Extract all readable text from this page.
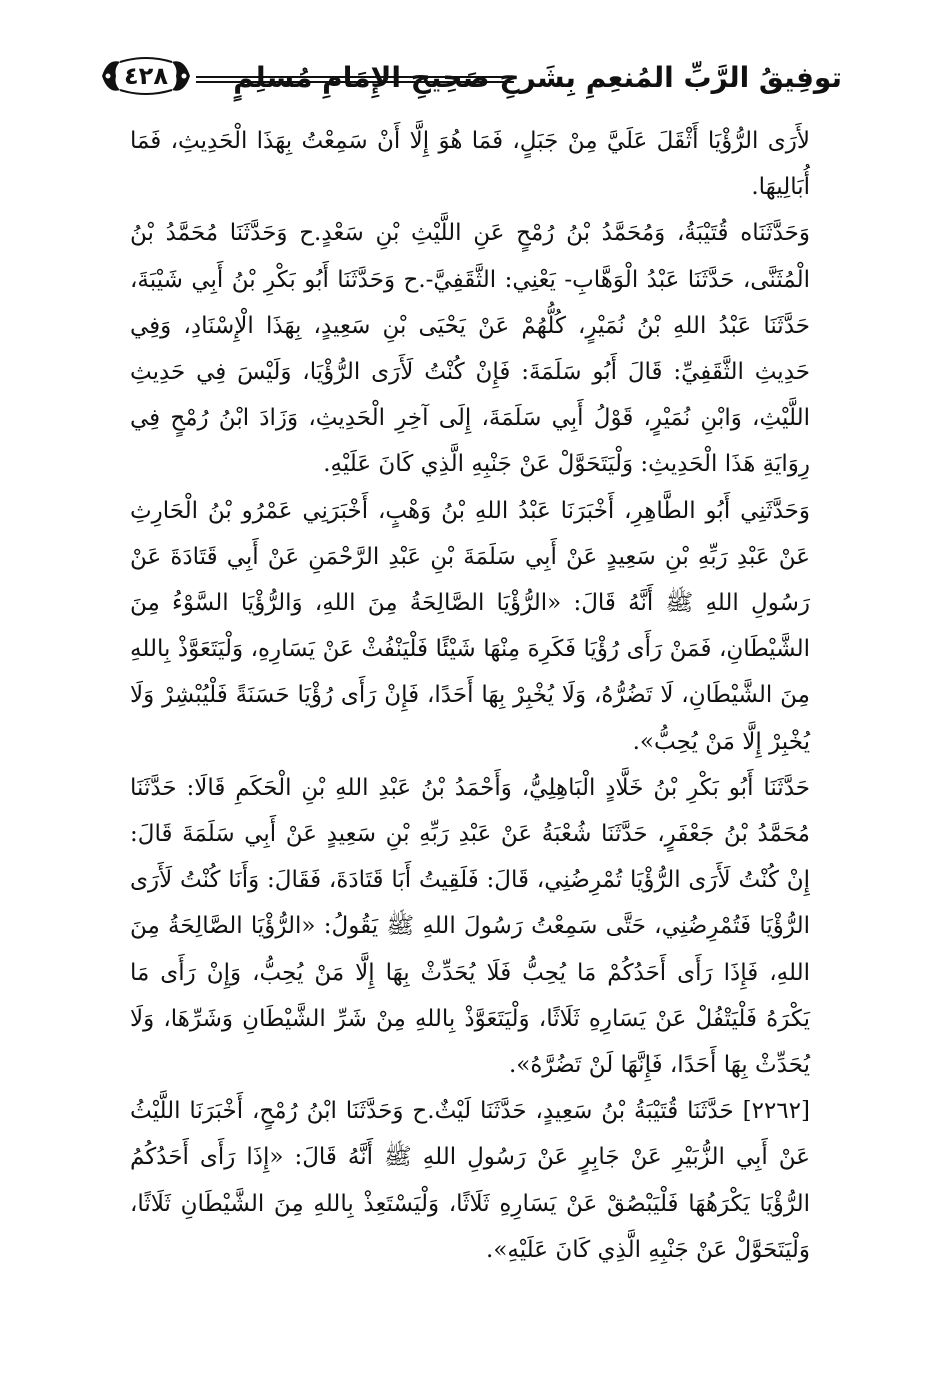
٤٢٨ توفِيقُ الرَّبِّ المُنعِمِ بِشَرحِ صَحِيحِ الإِمَامِ مُسلِمٍ

لأَرَى الرُّؤْيَا أَثْقَلَ عَلَيَّ مِنْ جَبَلٍ، فَمَا هُوَ إِلَّا أَنْ سَمِعْتُ بِهَذَا الْحَدِيثِ، فَمَا أُبَالِيهَا.

وَحَدَّثَنَاه قُتَيْبَةُ، وَمُحَمَّدُ بْنُ رُمْحٍ عَنِ اللَّيْثِ بْنِ سَعْدٍ.ح وَحَدَّثَنَا مُحَمَّدُ بْنُ الْمُثَنَّى، حَدَّثَنَا عَبْدُ الْوَهَّابِ- يَعْنِي: الثَّقَفِيَّ-.ح وَحَدَّثَنَا أَبُو بَكْرِ بْنُ أَبِي شَيْبَةَ، حَدَّثَنَا عَبْدُ اللهِ بْنُ نُمَيْرٍ، كُلُّهُمْ عَنْ يَحْيَى بْنِ سَعِيدٍ، بِهَذَا الْإِسْنَادِ، وَفِي حَدِيثِ الثَّقَفِيِّ: قَالَ أَبُو سَلَمَةَ: فَإِنْ كُنْتُ لَأَرَى الرُّؤْيَا، وَلَيْسَ فِي حَدِيثِ اللَّيْثِ، وَابْنِ نُمَيْرٍ، قَوْلُ أَبِي سَلَمَةَ، إِلَى آخِرِ الْحَدِيثِ، وَزَادَ ابْنُ رُمْحٍ فِي رِوَايَةِ هَذَا الْحَدِيثِ: وَلْيَتَحَوَّلْ عَنْ جَنْبِهِ الَّذِي كَانَ عَلَيْهِ.

وَحَدَّثَنِي أَبُو الطَّاهِرِ، أَخْبَرَنَا عَبْدُ اللهِ بْنُ وَهْبٍ، أَخْبَرَنِي عَمْرُو بْنُ الْحَارِثِ عَنْ عَبْدِ رَبِّهِ بْنِ سَعِيدٍ عَنْ أَبِي سَلَمَةَ بْنِ عَبْدِ الرَّحْمَنِ عَنْ أَبِي قَتَادَةَ عَنْ رَسُولِ اللهِ ﷺ أَنَّهُ قَالَ: «الرُّؤْيَا الصَّالِحَةُ مِنَ اللهِ، وَالرُّؤْيَا السَّوْءُ مِنَ الشَّيْطَانِ، فَمَنْ رَأَى رُؤْيَا فَكَرِهَ مِنْهَا شَيْئًا فَلْيَنْفُثْ عَنْ يَسَارِهِ، وَلْيَتَعَوَّذْ بِاللهِ مِنَ الشَّيْطَانِ، لَا تَضُرُّهُ، وَلَا يُخْبِرْ بِهَا أَحَدًا، فَإِنْ رَأَى رُؤْيَا حَسَنَةً فَلْيُبْشِرْ وَلَا يُخْبِرْ إِلَّا مَنْ يُحِبُّ».

حَدَّثَنَا أَبُو بَكْرِ بْنُ خَلَّادٍ الْبَاهِلِيُّ، وَأَحْمَدُ بْنُ عَبْدِ اللهِ بْنِ الْحَكَمِ قَالَا: حَدَّثَنَا مُحَمَّدُ بْنُ جَعْفَرٍ، حَدَّثَنَا شُعْبَةُ عَنْ عَبْدِ رَبِّهِ بْنِ سَعِيدٍ عَنْ أَبِي سَلَمَةَ قَالَ: إِنْ كُنْتُ لَأَرَى الرُّؤْيَا تُمْرِضُنِي، قَالَ: فَلَقِيتُ أَبَا قَتَادَةَ، فَقَالَ: وَأَنَا كُنْتُ لَأَرَى الرُّؤْيَا فَتُمْرِضُنِي، حَتَّى سَمِعْتُ رَسُولَ اللهِ ﷺ يَقُولُ: «الرُّؤْيَا الصَّالِحَةُ مِنَ اللهِ، فَإِذَا رَأَى أَحَدُكُمْ مَا يُحِبُّ فَلَا يُحَدِّثْ بِهَا إِلَّا مَنْ يُحِبُّ، وَإِنْ رَأَى مَا يَكْرَهُ فَلْيَتْفُلْ عَنْ يَسَارِهِ ثَلَاثًا، وَلْيَتَعَوَّذْ بِاللهِ مِنْ شَرِّ الشَّيْطَانِ وَشَرِّهَا، وَلَا يُحَدِّثْ بِهَا أَحَدًا، فَإِنَّهَا لَنْ تَضُرَّهُ».

[٢٢٦٢] حَدَّثَنَا قُتَيْبَةُ بْنُ سَعِيدٍ، حَدَّثَنَا لَيْثٌ.ح وَحَدَّثَنَا ابْنُ رُمْحٍ، أَخْبَرَنَا اللَّيْثُ عَنْ أَبِي الزُّبَيْرِ عَنْ جَابِرٍ عَنْ رَسُولِ اللهِ ﷺ أَنَّهُ قَالَ: «إِذَا رَأَى أَحَدُكُمُ الرُّؤْيَا يَكْرَهُهَا فَلْيَبْصُقْ عَنْ يَسَارِهِ ثَلَاثًا، وَلْيَسْتَعِذْ بِاللهِ مِنَ الشَّيْطَانِ ثَلَاثًا، وَلْيَتَحَوَّلْ عَنْ جَنْبِهِ الَّذِي كَانَ عَلَيْهِ».
